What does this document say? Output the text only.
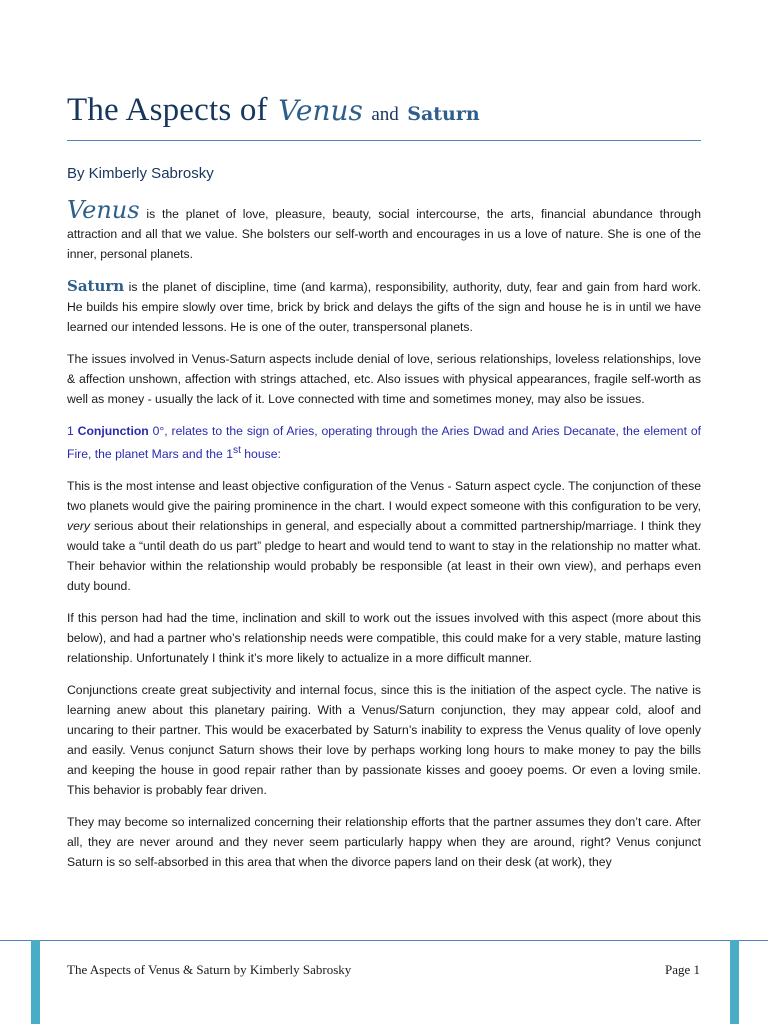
The Aspects of Venus and Saturn
By Kimberly Sabrosky

Venus is the planet of love, pleasure, beauty, social intercourse, the arts, financial abundance through attraction and all that we value. She bolsters our self-worth and encourages in us a love of nature. She is one of the inner, personal planets.

Saturn is the planet of discipline, time (and karma), responsibility, authority, duty, fear and gain from hard work. He builds his empire slowly over time, brick by brick and delays the gifts of the sign and house he is in until we have learned our intended lessons. He is one of the outer, transpersonal planets.

The issues involved in Venus-Saturn aspects include denial of love, serious relationships, loveless relationships, love & affection unshown, affection with strings attached, etc. Also issues with physical appearances, fragile self-worth as well as money - usually the lack of it. Love connected with time and sometimes money, may also be issues.

1 Conjunction 0°, relates to the sign of Aries, operating through the Aries Dwad and Aries Decanate, the element of Fire, the planet Mars and the 1st house:

This is the most intense and least objective configuration of the Venus - Saturn aspect cycle. The conjunction of these two planets would give the pairing prominence in the chart. I would expect someone with this configuration to be very, very serious about their relationships in general, and especially about a committed partnership/marriage. I think they would take a “until death do us part” pledge to heart and would tend to want to stay in the relationship no matter what. Their behavior within the relationship would probably be responsible (at least in their own view), and perhaps even duty bound.

If this person had had the time, inclination and skill to work out the issues involved with this aspect (more about this below), and had a partner who’s relationship needs were compatible, this could make for a very stable, mature lasting relationship. Unfortunately I think it’s more likely to actualize in a more difficult manner.

Conjunctions create great subjectivity and internal focus, since this is the initiation of the aspect cycle. The native is learning anew about this planetary pairing. With a Venus/Saturn conjunction, they may appear cold, aloof and uncaring to their partner. This would be exacerbated by Saturn’s inability to express the Venus quality of love openly and easily. Venus conjunct Saturn shows their love by perhaps working long hours to make money to pay the bills and keeping the house in good repair rather than by passionate kisses and gooey poems. Or even a loving smile. This behavior is probably fear driven.

They may become so internalized concerning their relationship efforts that the partner assumes they don’t care. After all, they are never around and they never seem particularly happy when they are around, right? Venus conjunct Saturn is so self-absorbed in this area that when the divorce papers land on their desk (at work), they

The Aspects of Venus & Saturn by Kimberly Sabrosky	Page 1
